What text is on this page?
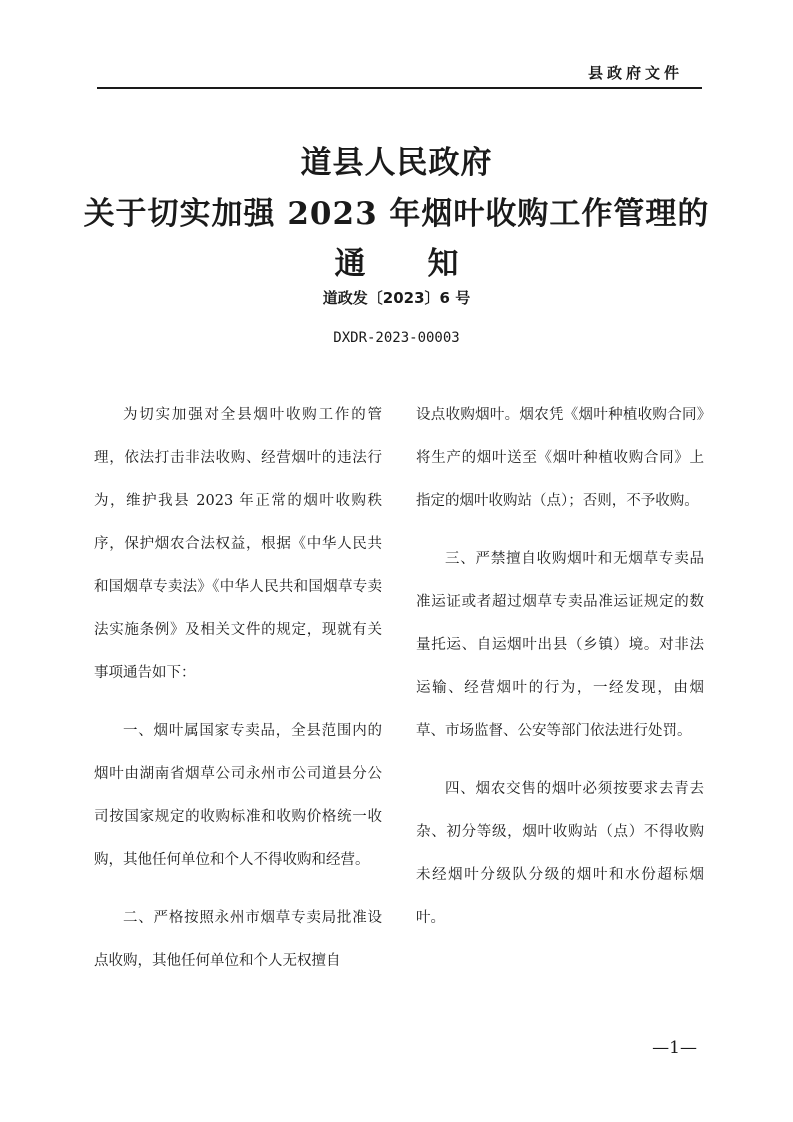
县政府文件
道县人民政府
关于切实加强 2023 年烟叶收购工作管理的
通 知
道政发〔2023〕6 号
DXDR-2023-00003

为切实加强对全县烟叶收购工作的管理，依法打击非法收购、经营烟叶的违法行为，维护我县 2023 年正常的烟叶收购秩序，保护烟农合法权益，根据《中华人民共和国烟草专卖法》《中华人民共和国烟草专卖法实施条例》及相关文件的规定，现就有关事项通告如下：

一、烟叶属国家专卖品，全县范围内的烟叶由湖南省烟草公司永州市公司道县分公司按国家规定的收购标准和收购价格统一收购，其他任何单位和个人不得收购和经营。

二、严格按照永州市烟草专卖局批准设点收购，其他任何单位和个人无权擅自

设点收购烟叶。烟农凭《烟叶种植收购合同》将生产的烟叶送至《烟叶种植收购合同》上指定的烟叶收购站（点）；否则，不予收购。

三、严禁擅自收购烟叶和无烟草专卖品准运证或者超过烟草专卖品准运证规定的数量托运、自运烟叶出县（乡镇）境。对非法运输、经营烟叶的行为，一经发现，由烟草、市场监督、公安等部门依法进行处罚。

四、烟农交售的烟叶必须按要求去青去杂、初分等级，烟叶收购站（点）不得收购未经烟叶分级队分级的烟叶和水份超标烟叶。

—1—
